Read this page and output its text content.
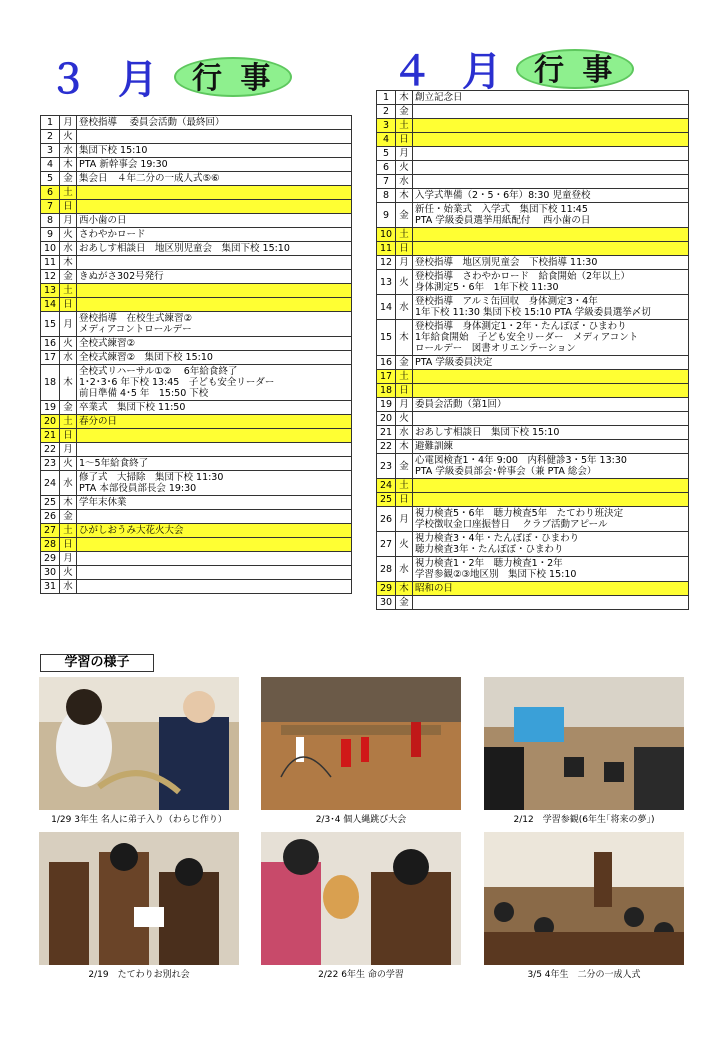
３ 月 行 事	４ 月 行 事
1	月	登校指導　 委員会活動（最終回）
2	火	
3	水	集団下校 15:10
4	木	PTA 新幹事会 19:30
5	金	集会日　４年二分の一成人式⑤⑥
6	土	
7	日	
8	月	西小歯の日
9	火	さわやかロード
10	水	おあしす相談日　地区別児童会　集団下校 15:10
11	木	
12	金	きぬがさ302号発行
13	土	
14	日	
15	月	登校指導　在校生式練習②
メディアコントロールデー
16	火	全校式練習②
17	水	全校式練習②　集団下校 15:10
18	木	全校式リハーサル①②　 6年給食終了
1･2･3･6 年下校 13:45　子ども安全リーダー
前日準備 4･5 年　15:50 下校
19	金	卒業式　集団下校 11:50
20	土	春分の日
21	日	
22	月	
23	火	1～5年給食終了
24	水	修了式　大掃除　集団下校 11:30
PTA 本部役員部長会 19:30
25	木	学年末休業
26	金	
27	土	ひがしおうみ大花火大会
28	日	
29	月	
30	火	
31	水	
1	木	創立記念日
2	金	
3	土	
4	日	
5	月	
6	火	
7	水	
8	木	入学式準備（2・5・6年）8:30 児童登校
9	金	新任・始業式　入学式　集団下校 11:45
PTA 学級委員選挙用紙配付　 西小歯の日
10	土	
11	日	
12	月	登校指導　地区別児童会　下校指導 11:30
13	火	登校指導　さわやかロード　給食開始（2年以上）
身体測定5・6年　1年下校 11:30
14	水	登校指導　アルミ缶回収　身体測定3・4年
1年下校 11:30 集団下校 15:10 PTA 学級委員選挙〆切
15	木	登校指導　身体測定1・2年・たんぽぽ・ひまわり
1年給食開始　子ども安全リーダー　メディアコント
ロールデー　図書オリエンテーション
16	金	PTA 学級委員決定
17	土	
18	日	
19	月	委員会活動（第1回）
20	火	
21	水	おあしす相談日　集団下校 15:10
22	木	避難訓練
23	金	心電図検査1・4年 9:00　内科健診3・5年 13:30
PTA 学級委員部会･幹事会（兼 PTA 総会）
24	土	
25	日	
26	月	視力検査5・6年　聴力検査5年　たてわり班決定
学校徴収金口座振替日　 クラブ活動アピール
27	火	視力検査3・4年・たんぽぽ・ひまわり
聴力検査3年・たんぽぽ・ひまわり
28	水	視力検査1・2年　聴力検査1・2年
学習参観②③地区別　集団下校 15:10
29	木	昭和の日
30	金	
学習の様子
1/29 3年生 名人に弟子入り（わらじ作り）	2/3･4 個人縄跳び大会	2/12　学習参観(6年生｢将来の夢｣)
2/19　たてわりお別れ会	2/22 6年生 命の学習	3/5 4年生　二分の一成人式
